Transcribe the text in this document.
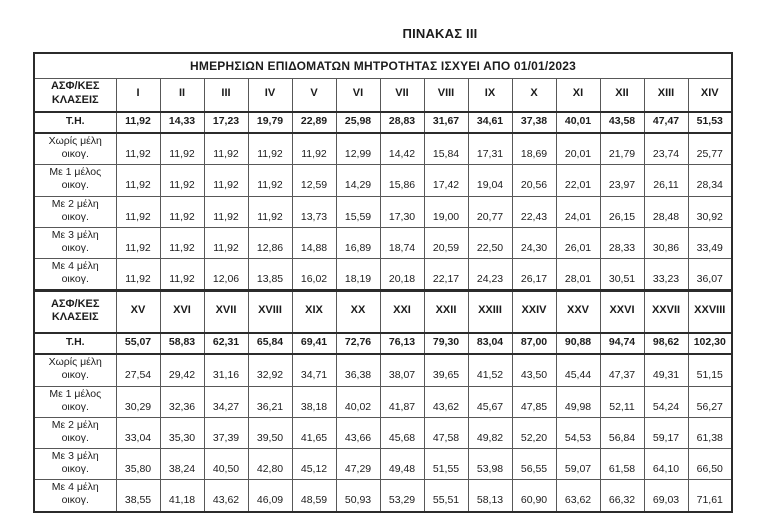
ΠΙΝΑΚΑΣ III
ΗΜΕΡΗΣΙΩΝ ΕΠΙΔΟΜΑΤΩΝ ΜΗΤΡΟΤΗΤΑΣ ΙΣΧΥΕΙ ΑΠΟ 01/01/2023														
ΑΣΦ/ΚΕΣ
ΚΛΑΣΕΙΣ	I	II	III	IV	V	VI	VII	VIII	IX	X	XI	XII	XIII	XIV
Τ.Η.	11,92	14,33	17,23	19,79	22,89	25,98	28,83	31,67	34,61	37,38	40,01	43,58	47,47	51,53
Χωρίς μέλη
οικογ.	11,92	11,92	11,92	11,92	11,92	12,99	14,42	15,84	17,31	18,69	20,01	21,79	23,74	25,77
Με 1 μέλος
οικογ.	11,92	11,92	11,92	11,92	12,59	14,29	15,86	17,42	19,04	20,56	22,01	23,97	26,11	28,34
Με 2 μέλη
οικογ.	11,92	11,92	11,92	11,92	13,73	15,59	17,30	19,00	20,77	22,43	24,01	26,15	28,48	30,92
Με 3 μέλη
οικογ.	11,92	11,92	11,92	12,86	14,88	16,89	18,74	20,59	22,50	24,30	26,01	28,33	30,86	33,49
Με 4 μέλη
οικογ.	11,92	11,92	12,06	13,85	16,02	18,19	20,18	22,17	24,23	26,17	28,01	30,51	33,23	36,07
ΑΣΦ/ΚΕΣ
ΚΛΑΣΕΙΣ	XV	XVI	XVII	XVIII	XIX	XX	XXI	XXII	XXIII	XXIV	XXV	XXVI	XXVII	XXVIII
Τ.Η.	55,07	58,83	62,31	65,84	69,41	72,76	76,13	79,30	83,04	87,00	90,88	94,74	98,62	102,30
Χωρίς μέλη
οικογ.	27,54	29,42	31,16	32,92	34,71	36,38	38,07	39,65	41,52	43,50	45,44	47,37	49,31	51,15
Με 1 μέλος
οικογ.	30,29	32,36	34,27	36,21	38,18	40,02	41,87	43,62	45,67	47,85	49,98	52,11	54,24	56,27
Με 2 μέλη
οικογ.	33,04	35,30	37,39	39,50	41,65	43,66	45,68	47,58	49,82	52,20	54,53	56,84	59,17	61,38
Με 3 μέλη
οικογ.	35,80	38,24	40,50	42,80	45,12	47,29	49,48	51,55	53,98	56,55	59,07	61,58	64,10	66,50
Με 4 μέλη
οικογ.	38,55	41,18	43,62	46,09	48,59	50,93	53,29	55,51	58,13	60,90	63,62	66,32	69,03	71,61
